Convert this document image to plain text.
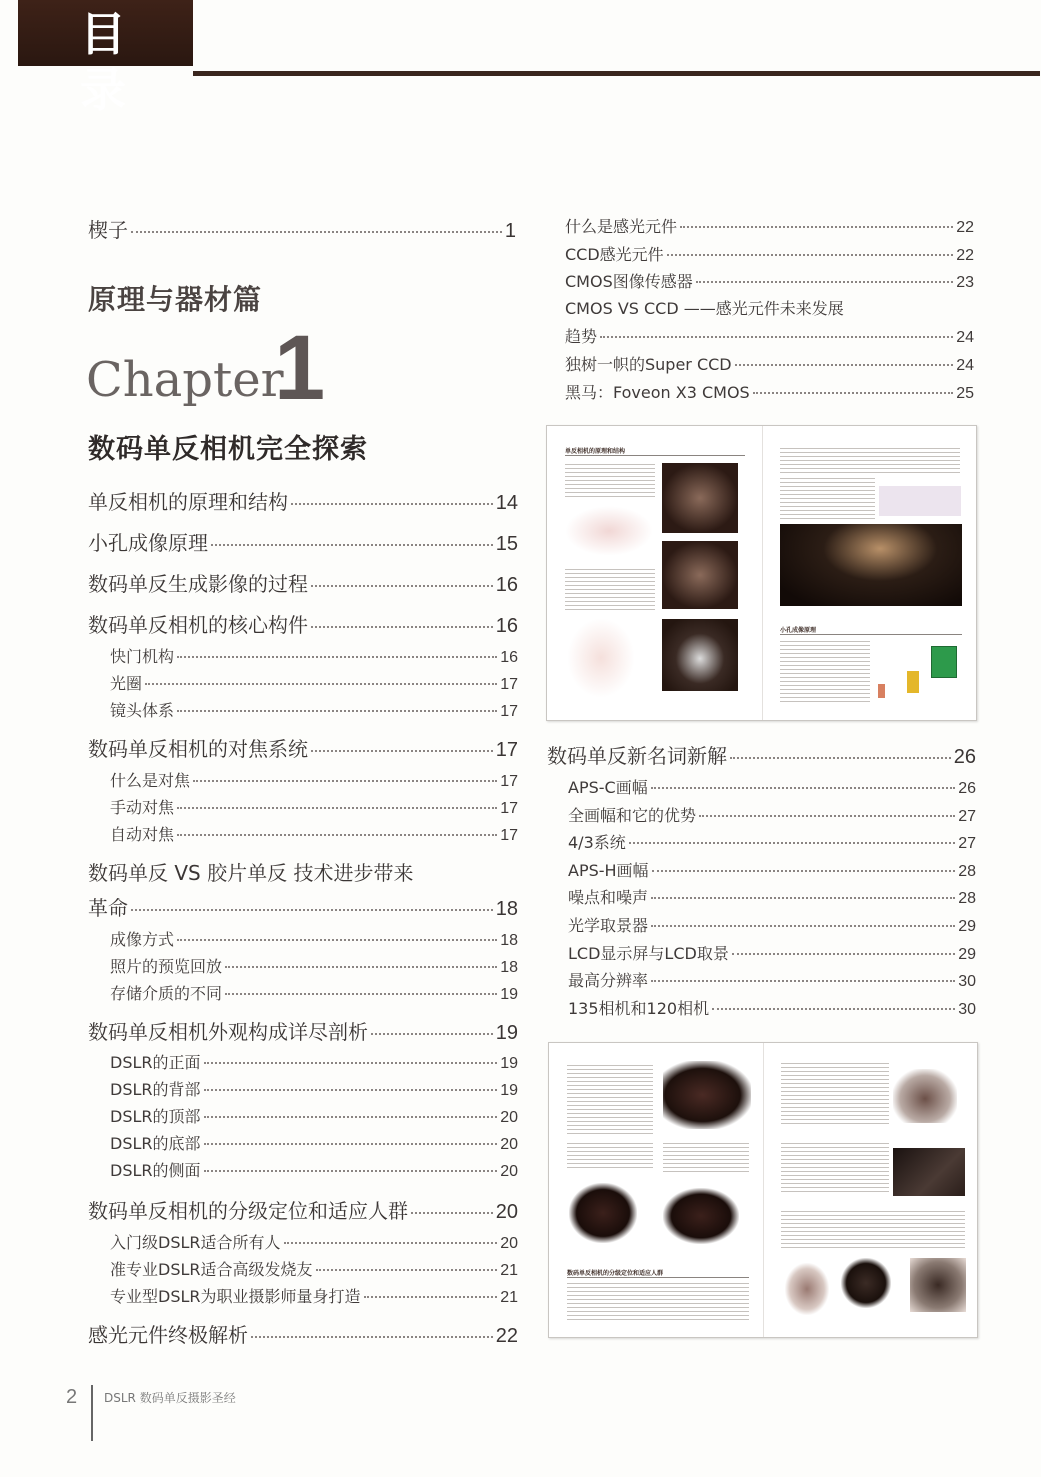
目录
楔子	1
原理与器材篇
Chapter
1
数码单反相机完全探索
单反相机的原理和结构	14
小孔成像原理	15
数码单反生成影像的过程	16
数码单反相机的核心构件	16
快门机构	16
光圈	17
镜头体系	17
数码单反相机的对焦系统	17
什么是对焦	17
手动对焦	17
自动对焦	17
数码单反 VS 胶片单反 技术进步带来
革命	18
成像方式	18
照片的预览回放	18
存储介质的不同	19
数码单反相机外观构成详尽剖析	19
DSLR的正面	19
DSLR的背部	19
DSLR的顶部	20
DSLR的底部	20
DSLR的侧面	20
数码单反相机的分级定位和适应人群	20
入门级DSLR适合所有人	20
准专业DSLR适合高级发烧友	21
专业型DSLR为职业摄影师量身打造	21
感光元件终极解析	22
什么是感光元件	22
CCD感光元件	22
CMOS图像传感器	23
CMOS VS CCD ——感光元件未来发展
趋势	24
独树一帜的Super CCD	24
黑马：Foveon X3 CMOS	25
单反相机的原理和结构
小孔成像原理
数码单反新名词新解	26
APS-C画幅	26
全画幅和它的优势	27
4/3系统	27
APS-H画幅	28
噪点和噪声	28
光学取景器	29
LCD显示屏与LCD取景	29
最高分辨率	30
135相机和120相机	30
数码单反相机的分级定位和适应人群
2 DSLR 数码单反摄影圣经
